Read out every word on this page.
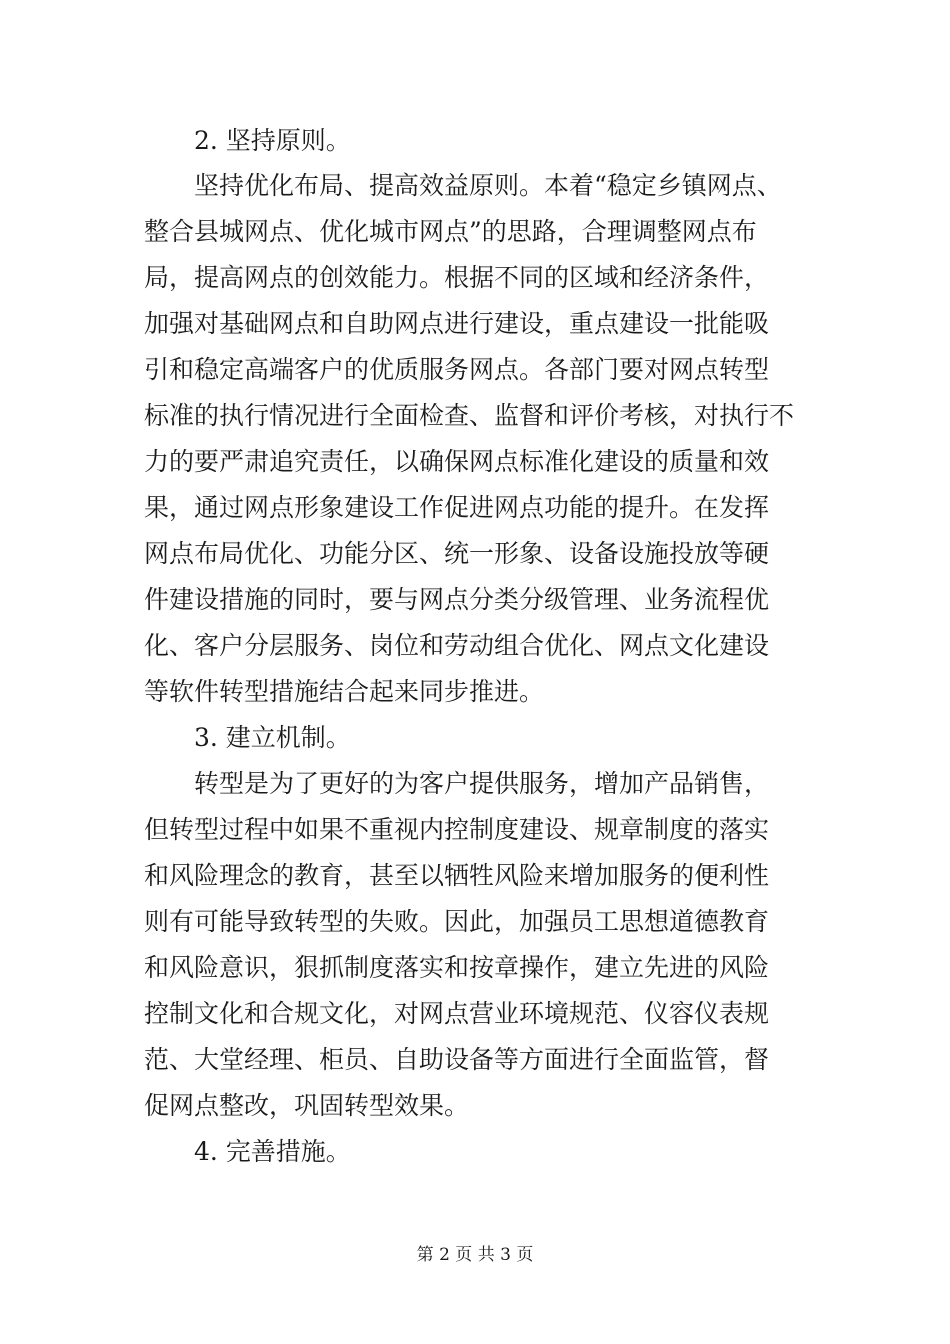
2. 坚持原则。
坚持优化布局、提高效益原则。本着“稳定乡镇网点、
整合县城网点、优化城市网点”的思路，合理调整网点布
局，提高网点的创效能力。根据不同的区域和经济条件，
加强对基础网点和自助网点进行建设，重点建设一批能吸
引和稳定高端客户的优质服务网点。各部门要对网点转型
标准的执行情况进行全面检查、监督和评价考核，对执行不
力的要严肃追究责任，以确保网点标准化建设的质量和效
果，通过网点形象建设工作促进网点功能的提升。在发挥
网点布局优化、功能分区、统一形象、设备设施投放等硬
件建设措施的同时，要与网点分类分级管理、业务流程优
化、客户分层服务、岗位和劳动组合优化、网点文化建设
等软件转型措施结合起来同步推进。
3. 建立机制。
转型是为了更好的为客户提供服务，增加产品销售，
但转型过程中如果不重视内控制度建设、规章制度的落实
和风险理念的教育，甚至以牺牲风险来增加服务的便利性
则有可能导致转型的失败。因此，加强员工思想道德教育
和风险意识，狠抓制度落实和按章操作，建立先进的风险
控制文化和合规文化，对网点营业环境规范、仪容仪表规
范、大堂经理、柜员、自助设备等方面进行全面监管，督
促网点整改，巩固转型效果。
4. 完善措施。
第 2 页 共 3 页
